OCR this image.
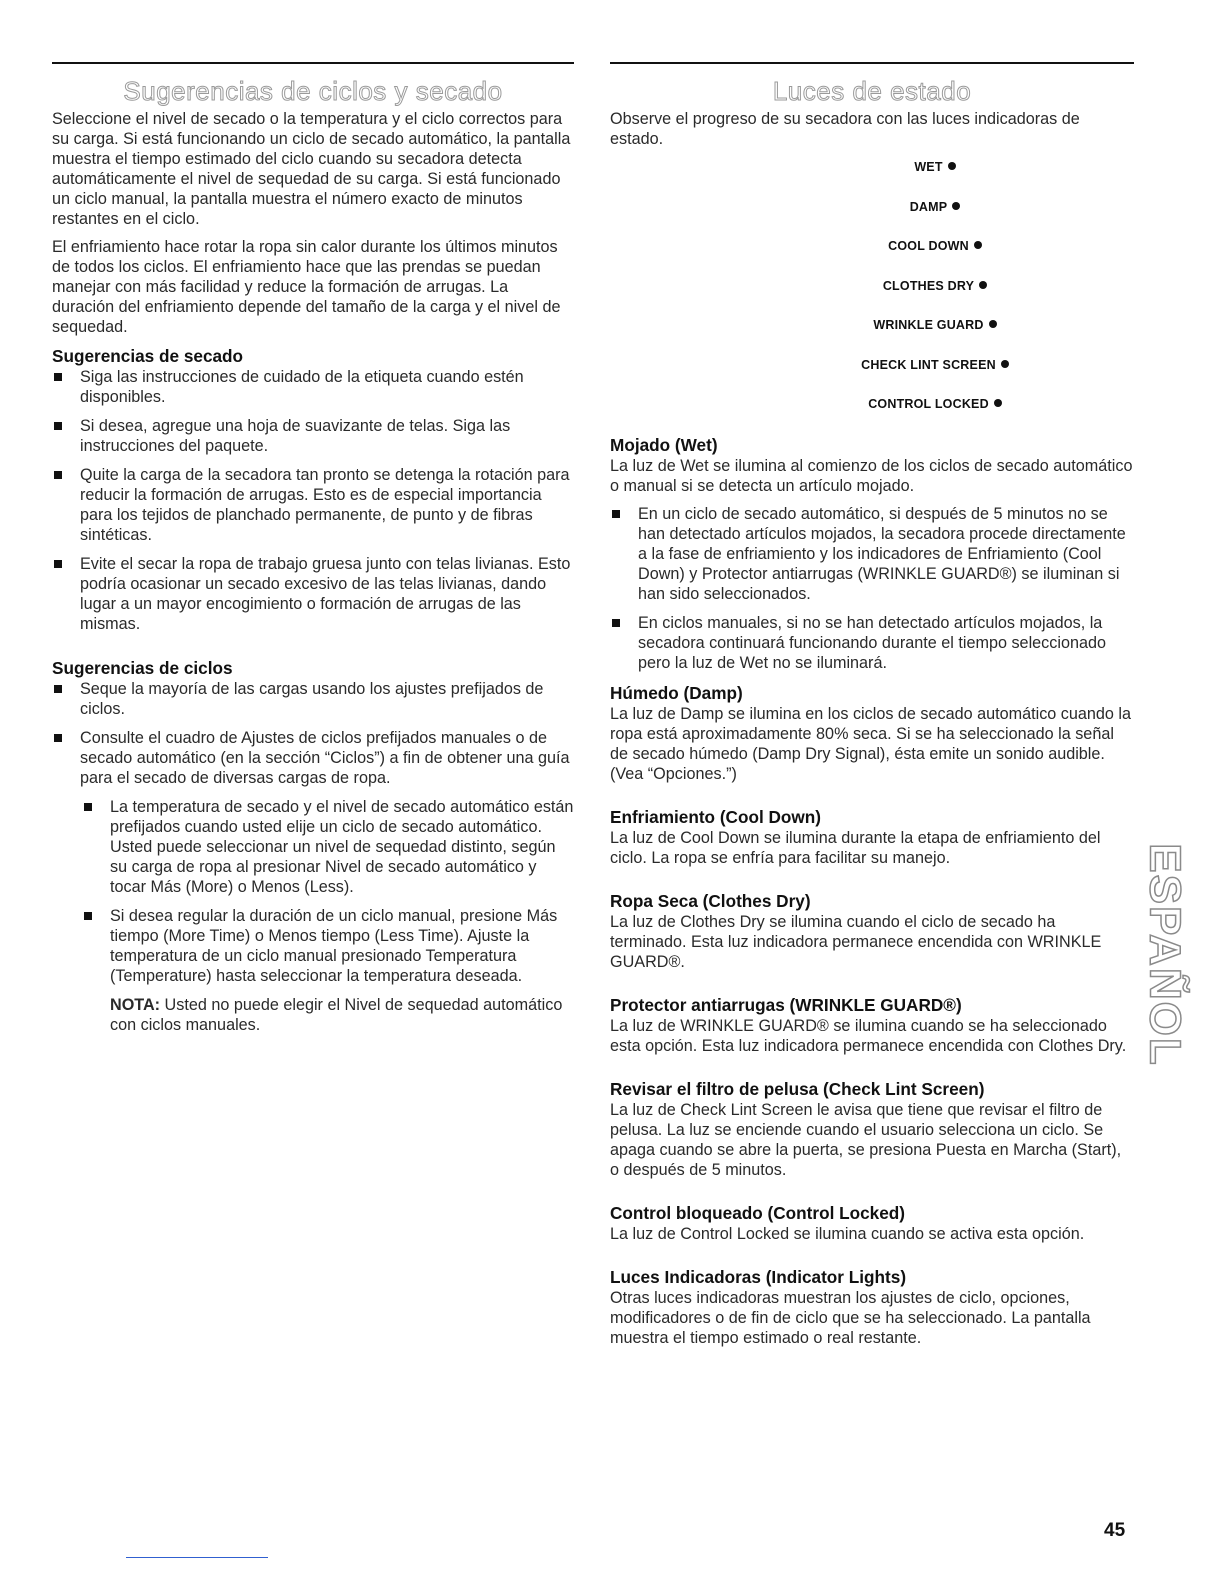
Sugerencias de ciclos y secado

Seleccione el nivel de secado o la temperatura y el ciclo correctos para su carga. Si está funcionando un ciclo de secado automático, la pantalla muestra el tiempo estimado del ciclo cuando su secadora detecta automáticamente el nivel de sequedad de su carga. Si está funcionado un ciclo manual, la pantalla muestra el número exacto de minutos restantes en el ciclo.

El enfriamiento hace rotar la ropa sin calor durante los últimos minutos de todos los ciclos. El enfriamiento hace que las prendas se puedan manejar con más facilidad y reduce la formación de arrugas. La duración del enfriamiento depende del tamaño de la carga y el nivel de sequedad.

Sugerencias de secado
Siga las instrucciones de cuidado de la etiqueta cuando estén disponibles.
Si desea, agregue una hoja de suavizante de telas. Siga las instrucciones del paquete.
Quite la carga de la secadora tan pronto se detenga la rotación para reducir la formación de arrugas. Esto es de especial importancia para los tejidos de planchado permanente, de punto y de fibras sintéticas.
Evite el secar la ropa de trabajo gruesa junto con telas livianas. Esto podría ocasionar un secado excesivo de las telas livianas, dando lugar a un mayor encogimiento o formación de arrugas de las mismas.
Sugerencias de ciclos
Seque la mayoría de las cargas usando los ajustes prefijados de ciclos.
Consulte el cuadro de Ajustes de ciclos prefijados manuales o de secado automático (en la sección “Ciclos”) a fin de obtener una guía para el secado de diversas cargas de ropa.
La temperatura de secado y el nivel de secado automático están prefijados cuando usted elije un ciclo de secado automático. Usted puede seleccionar un nivel de sequedad distinto, según su carga de ropa al presionar Nivel de secado automático y tocar Más (More) o Menos (Less).
Si desea regular la duración de un ciclo manual, presione Más tiempo (More Time) o Menos tiempo (Less Time). Ajuste la temperatura de un ciclo manual presionado Temperatura (Temperature) hasta seleccionar la temperatura deseada.

NOTA: Usted no puede elegir el Nivel de sequedad automático con ciclos manuales.

Luces de estado

Observe el progreso de su secadora con las luces indicadoras de estado.

WET
DAMP
COOL DOWN
CLOTHES DRY
WRINKLE GUARD
CHECK LINT SCREEN
CONTROL LOCKED
Mojado (Wet)

La luz de Wet se ilumina al comienzo de los ciclos de secado automático o manual si se detecta un artículo mojado.

En un ciclo de secado automático, si después de 5 minutos no se han detectado artículos mojados, la secadora procede directamente a la fase de enfriamiento y los indicadores de Enfriamiento (Cool Down) y Protector antiarrugas (WRINKLE GUARD®) se iluminan si han sido seleccionados.
En ciclos manuales, si no se han detectado artículos mojados, la secadora continuará funcionando durante el tiempo seleccionado pero la luz de Wet no se iluminará.
Húmedo (Damp)

La luz de Damp se ilumina en los ciclos de secado automático cuando la ropa está aproximadamente 80% seca. Si se ha seleccionado la señal de secado húmedo (Damp Dry Signal), ésta emite un sonido audible. (Vea “Opciones.”)

Enfriamiento (Cool Down)

La luz de Cool Down se ilumina durante la etapa de enfriamiento del ciclo. La ropa se enfría para facilitar su manejo.

Ropa Seca (Clothes Dry)

La luz de Clothes Dry se ilumina cuando el ciclo de secado ha terminado. Esta luz indicadora permanece encendida con WRINKLE GUARD®.

Protector antiarrugas (WRINKLE GUARD®)

La luz de WRINKLE GUARD® se ilumina cuando se ha seleccionado esta opción. Esta luz indicadora permanece encendida con Clothes Dry.

Revisar el filtro de pelusa (Check Lint Screen)

La luz de Check Lint Screen le avisa que tiene que revisar el filtro de pelusa. La luz se enciende cuando el usuario selecciona un ciclo. Se apaga cuando se abre la puerta, se presiona Puesta en Marcha (Start), o después de 5 minutos.

Control bloqueado (Control Locked)

La luz de Control Locked se ilumina cuando se activa esta opción.

Luces Indicadoras (Indicator Lights)

Otras luces indicadoras muestran los ajustes de ciclo, opciones, modificadores o de fin de ciclo que se ha seleccionado. La pantalla muestra el tiempo estimado o real restante.

ESPAÑOL
45
